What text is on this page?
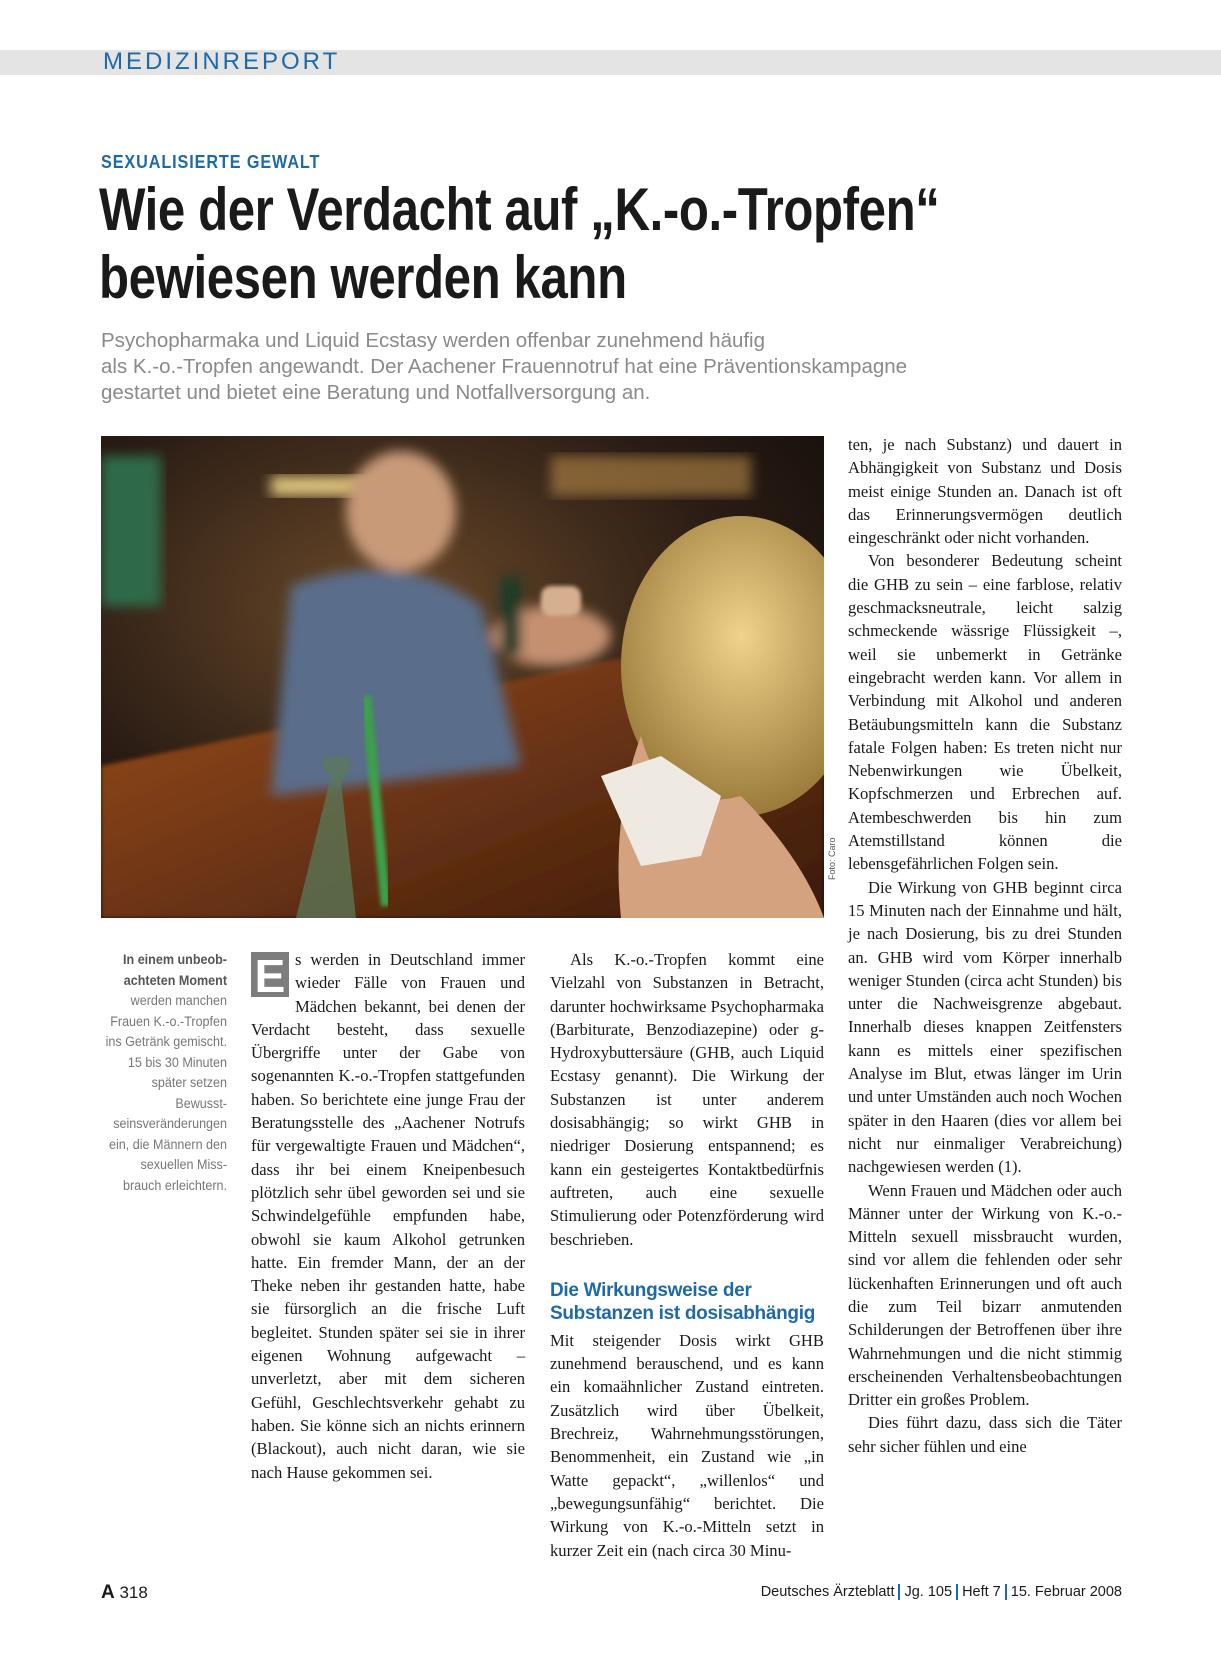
MEDIZINREPORT
SEXUALISIERTE GEWALT
Wie der Verdacht auf „K.-o.-Tropfen“
bewiesen werden kann
Psychopharmaka und Liquid Ecstasy werden offenbar zunehmend häufig
als K.-o.-Tropfen angewandt. Der Aachener Frauennotruf hat eine Präventionskampagne
gestartet und bietet eine Beratung und Notfallversorgung an.
Foto: Caro
In einem unbeob-achteten Moment werden manchen Frauen K.-o.-Tropfen ins Getränk gemischt. 15 bis 30 Minuten später setzen Bewusst-seinsveränderungen ein, die Männern den sexuellen Miss-brauch erleichtern.

E s werden in Deutschland immer wieder Fälle von Frauen und Mädchen bekannt, bei denen der Verdacht besteht, dass sexuelle Übergriffe unter der Gabe von sogenannten K.-o.-Tropfen stattgefunden haben. So berichtete eine junge Frau der Beratungsstelle des „Aachener Notrufs für vergewaltigte Frauen und Mädchen“, dass ihr bei einem Kneipenbesuch plötzlich sehr übel geworden sei und sie Schwindelgefühle empfunden habe, obwohl sie kaum Alkohol getrunken hatte. Ein fremder Mann, der an der Theke neben ihr gestanden hatte, habe sie fürsorglich an die frische Luft begleitet. Stunden später sei sie in ihrer eigenen Wohnung aufgewacht – unverletzt, aber mit dem sicheren Gefühl, Geschlechtsverkehr gehabt zu haben. Sie könne sich an nichts erinnern (Blackout), auch nicht daran, wie sie nach Hause gekommen sei.

Als K.-o.-Tropfen kommt eine Vielzahl von Substanzen in Betracht, darunter hochwirksame Psychopharmaka (Barbiturate, Benzodiazepine) oder g-Hydroxybuttersäure (GHB, auch Liquid Ecstasy genannt). Die Wirkung der Substanzen ist unter anderem dosisabhängig; so wirkt GHB in niedriger Dosierung entspannend; es kann ein gesteigertes Kontaktbedürfnis auftreten, auch eine sexuelle Stimulierung oder Potenzförderung wird beschrieben.

Die Wirkungsweise der Substanzen ist dosisabhängig

Mit steigender Dosis wirkt GHB zunehmend berauschend, und es kann ein komaähnlicher Zustand eintreten. Zusätzlich wird über Übelkeit, Brechreiz, Wahrnehmungsstörungen, Benommenheit, ein Zustand wie „in Watte gepackt“, „willenlos“ und „bewegungsunfähig“ berichtet. Die Wirkung von K.-o.-Mitteln setzt in kurzer Zeit ein (nach circa 30 Minu-

ten, je nach Substanz) und dauert in Abhängigkeit von Substanz und Dosis meist einige Stunden an. Danach ist oft das Erinnerungsvermögen deutlich eingeschränkt oder nicht vorhanden.

Von besonderer Bedeutung scheint die GHB zu sein – eine farblose, relativ geschmacksneutrale, leicht salzig schmeckende wässrige Flüssigkeit –, weil sie unbemerkt in Getränke eingebracht werden kann. Vor allem in Verbindung mit Alkohol und anderen Betäubungsmitteln kann die Substanz fatale Folgen haben: Es treten nicht nur Nebenwirkungen wie Übelkeit, Kopfschmerzen und Erbrechen auf. Atembeschwerden bis hin zum Atemstillstand können die lebensgefährlichen Folgen sein.

Die Wirkung von GHB beginnt circa 15 Minuten nach der Einnahme und hält, je nach Dosierung, bis zu drei Stunden an. GHB wird vom Körper innerhalb weniger Stunden (circa acht Stunden) bis unter die Nachweisgrenze abgebaut. Innerhalb dieses knappen Zeitfensters kann es mittels einer spezifischen Analyse im Blut, etwas länger im Urin und unter Umständen auch noch Wochen später in den Haaren (dies vor allem bei nicht nur einmaliger Verabreichung) nachgewiesen werden (1).

Wenn Frauen und Mädchen oder auch Männer unter der Wirkung von K.-o.-Mitteln sexuell missbraucht wurden, sind vor allem die fehlenden oder sehr lückenhaften Erinnerungen und oft auch die zum Teil bizarr anmutenden Schilderungen der Betroffenen über ihre Wahrnehmungen und die nicht stimmig erscheinenden Verhaltensbeobachtungen Dritter ein großes Problem.

Dies führt dazu, dass sich die Täter sehr sicher fühlen und eine

A 318	Deutsches Ärzteblatt Jg. 105 Heft 7 15. Februar 2008
